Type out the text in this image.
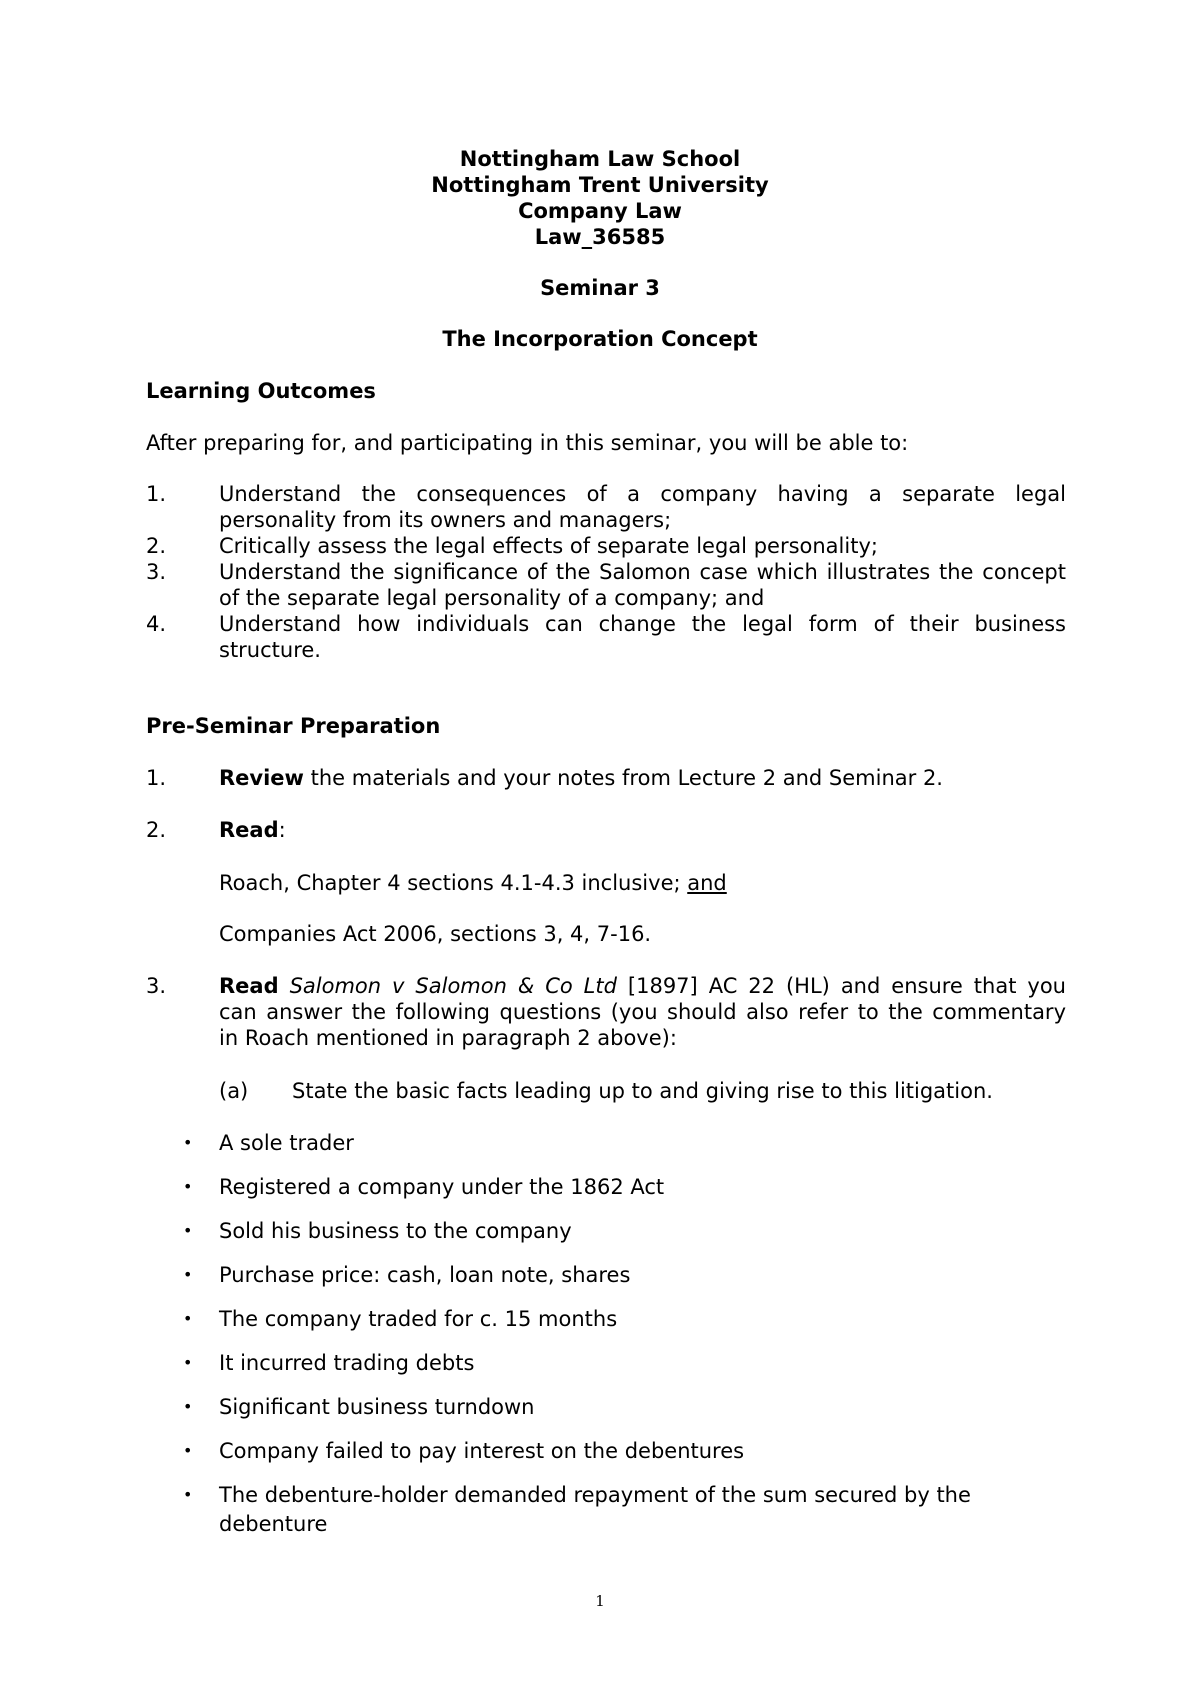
Nottingham Law School
Nottingham Trent University
Company Law
Law_36585
Seminar 3
The Incorporation Concept
Learning Outcomes
After preparing for, and participating in this seminar, you will be able to:
1.	Understand the consequences of a company having a separate legal
personality from its owners and managers;
2.	Critically assess the legal effects of separate legal personality;
3.	Understand the significance of the Salomon case which illustrates the concept
of the separate legal personality of a company; and
4.	Understand how individuals can change the legal form of their business
structure.
Pre-Seminar Preparation
1.	Review the materials and your notes from Lecture 2 and Seminar 2.
2.	Read:
Roach, Chapter 4 sections 4.1-4.3 inclusive; and
Companies Act 2006, sections 3, 4, 7-16.
3.	Read Salomon v Salomon & Co Ltd [1897] AC 22 (HL) and ensure that you
can answer the following questions (you should also refer to the commentary
in Roach mentioned in paragraph 2 above):
(a) State the basic facts leading up to and giving rise to this litigation.
• A sole trader
• Registered a company under the 1862 Act
• Sold his business to the company
• Purchase price: cash, loan note, shares
• The company traded for c. 15 months
• It incurred trading debts
• Significant business turndown
• Company failed to pay interest on the debentures
• The debenture-holder demanded repayment of the sum secured by the
debenture
1
